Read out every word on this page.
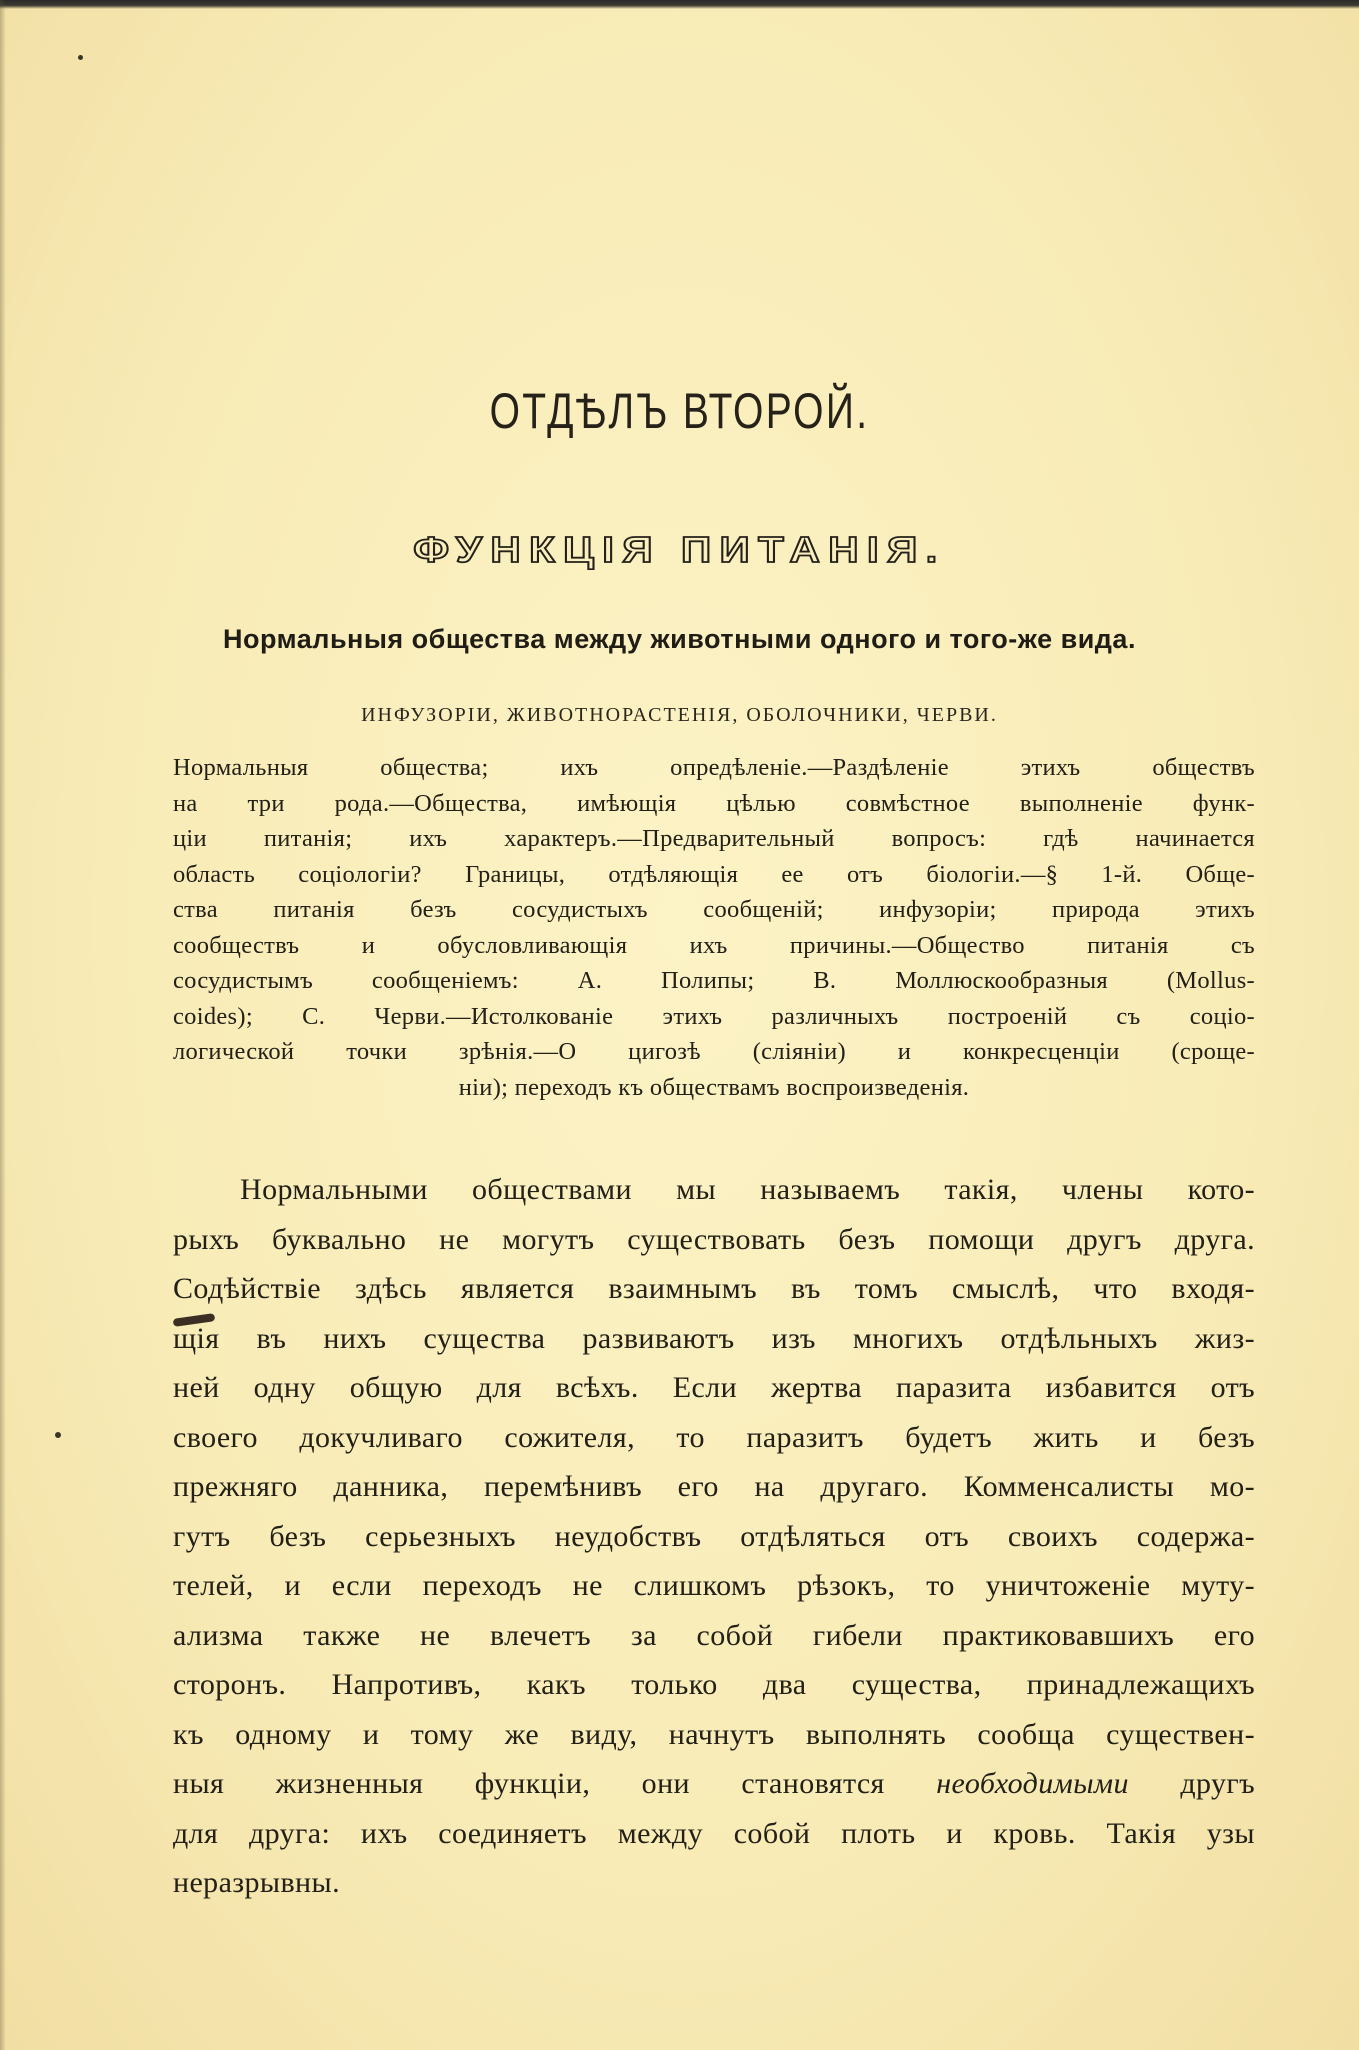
ОТДѢЛЪ ВТОРОЙ.
ФУНКЦІЯ ПИТАНІЯ.
Нормальныя общества между животными одного и того-же вида.
ИНФУЗОРІИ, ЖИВОТНОРАСТЕНІЯ, ОБОЛОЧНИКИ, ЧЕРВИ.
Нормальныя общества; ихъ опредѣленіе.—Раздѣленіе этихъ обществъ
на три рода.—Общества, имѣющія цѣлью совмѣстное выполненіе функ-
ціи питанія; ихъ характеръ.—Предварительный вопросъ: гдѣ начинается
область соціологіи? Границы, отдѣляющія ее отъ біологіи.—§ 1-й. Обще-
ства питанія безъ сосудистыхъ сообщеній; инфузоріи; природа этихъ
сообществъ и обусловливающія ихъ причины.—Общество питанія съ
сосудистымъ сообщеніемъ: А. Полипы; В. Моллюскообразныя (Mollus-
coides); С. Черви.—Истолкованіе этихъ различныхъ построеній съ соціо-
логической точки зрѣнія.—О цигозѣ (сліяніи) и конкресценціи (сроще-
ніи); переходъ къ обществамъ воспроизведенія.
Нормальными обществами мы называемъ такія, члены кото-
рыхъ буквально не могутъ существовать безъ помощи другъ друга.
Содѣйствіе здѣсь является взаимнымъ въ томъ смыслѣ, что входя-
щія въ нихъ существа развиваютъ изъ многихъ отдѣльныхъ жиз-
ней одну общую для всѣхъ. Если жертва паразита избавится отъ
своего докучливаго сожителя, то паразитъ будетъ жить и безъ
прежняго данника, перемѣнивъ его на другаго. Комменсалисты мо-
гутъ безъ серьезныхъ неудобствъ отдѣляться отъ своихъ содержа-
телей, и если переходъ не слишкомъ рѣзокъ, то уничтоженіе муту-
ализма также не влечетъ за собой гибели практиковавшихъ его
сторонъ. Напротивъ, какъ только два существа, принадлежащихъ
къ одному и тому же виду, начнутъ выполнять сообща существен-
ныя жизненныя функціи, они становятся необходимыми другъ
для друга: ихъ соединяетъ между собой плоть и кровь. Такія узы
неразрывны.
